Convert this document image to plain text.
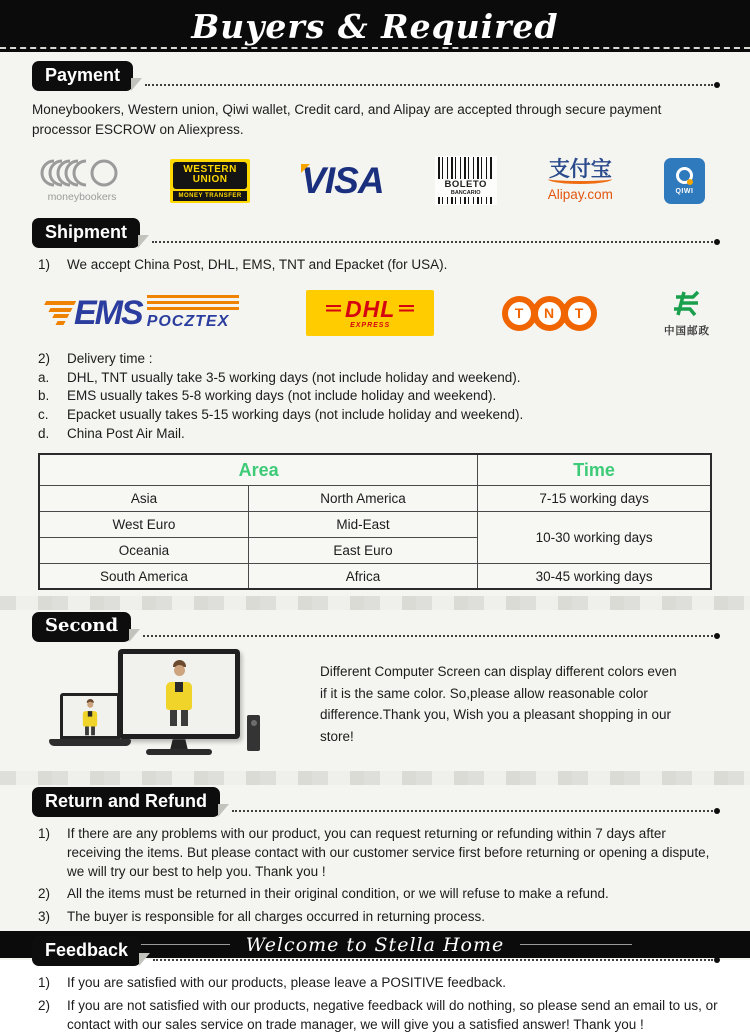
Buyers & Required
Payment

Moneybookers, Western union, Qiwi wallet, Credit card, and Alipay are accepted through secure payment processor ESCROW on Aliexpress.

moneybookers
WESTERN
UNION
MONEY TRANSFER VISA	BOLETO
BANCARIO
支付宝
Alipay.com	QIWI
Shipment
1)	We accept China Post, DHL, EMS, TNT and Epacket (for USA).
EMS POCZTEX
DHL
EXPRESS
T	N	T
中国邮政
2)	Delivery time :
a.	DHL, TNT usually take 3-5 working days (not include holiday and weekend).
b.	EMS usually takes 5-8 working days (not include holiday and weekend).
c.	Epacket usually takes 5-15 working days (not include holiday and weekend).
d.	China Post Air Mail.
Area		Time
Asia	North America	7-15 working days
West Euro	Mid-East	10-30 working days
Oceania	East Euro	
South America	Africa	30-45 working days
Second
Different Computer Screen can display different colors even if it is the same color. So,please allow reasonable color difference.Thank you, Wish you a pleasant shopping in our store!
Return and Refund
1)	If there are any problems with our product, you can request returning or refunding within 7 days after receiving the items. But please contact with our customer service first before returning or opening a dispute, we will try our best to help you. Thank you !
2)	All the items must be returned in their original condition, or we will refuse to make a refund.
3)	The buyer is responsible for all charges occurred in returning process.
Feedback
1)	If you are satisfied with our products, please leave a POSITIVE feedback.
2)	If you are not satisfied with our products, negative feedback will do nothing, so please send an email to us, or contact with our sales service on trade manager, we will give you a satisfied answer! Thank you !
Welcome to Stella Home
